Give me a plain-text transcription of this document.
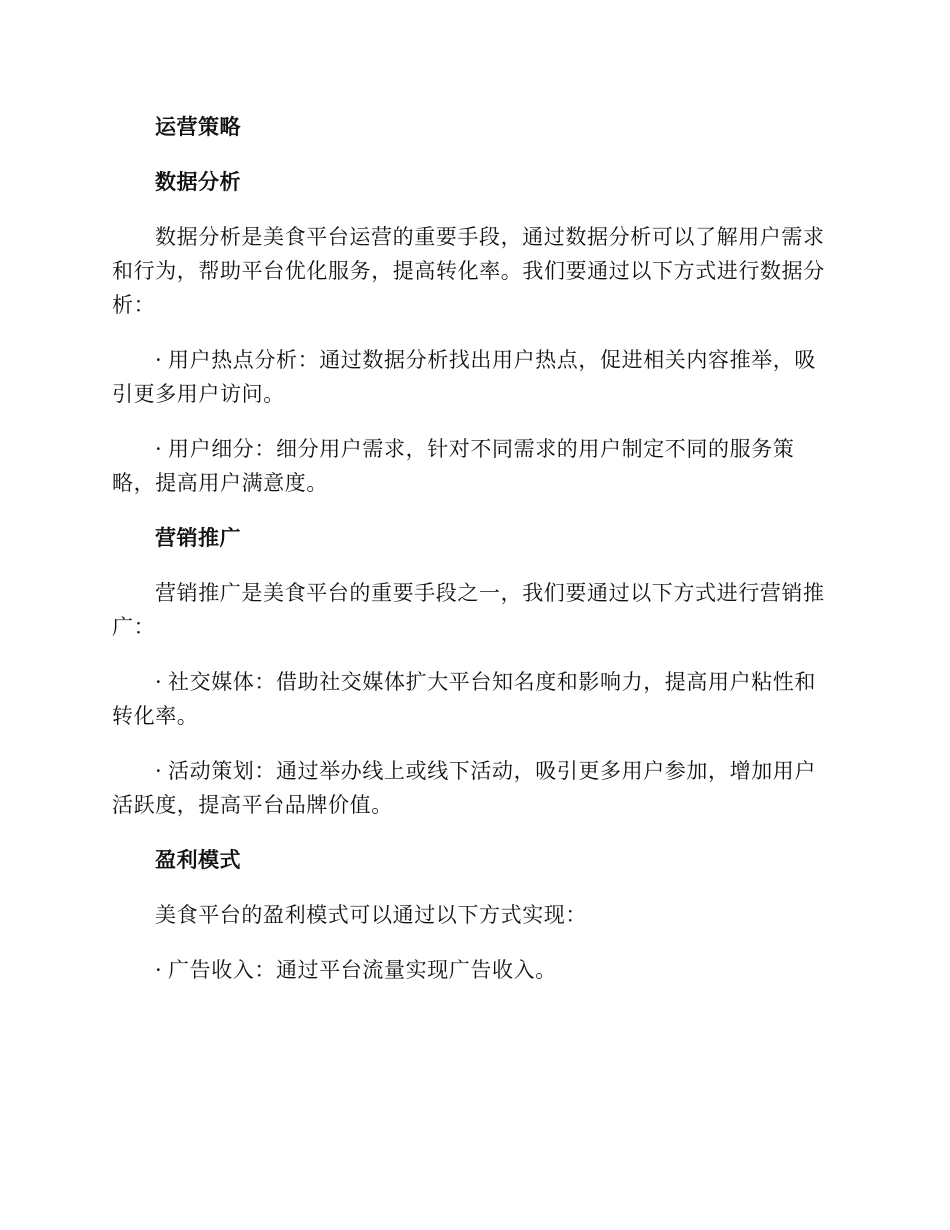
运营策略
数据分析

数据分析是美食平台运营的重要手段，通过数据分析可以了解用户需求和行为，帮助平台优化服务，提高转化率。我们要通过以下方式进行数据分析：

· 用户热点分析：通过数据分析找出用户热点，促进相关内容推举，吸引更多用户访问。

· 用户细分：细分用户需求，针对不同需求的用户制定不同的服务策略，提高用户满意度。

营销推广

营销推广是美食平台的重要手段之一，我们要通过以下方式进行营销推广：

· 社交媒体：借助社交媒体扩大平台知名度和影响力，提高用户粘性和转化率。

· 活动策划：通过举办线上或线下活动，吸引更多用户参加，增加用户活跃度，提高平台品牌价值。

盈利模式

美食平台的盈利模式可以通过以下方式实现：

· 广告收入：通过平台流量实现广告收入。
